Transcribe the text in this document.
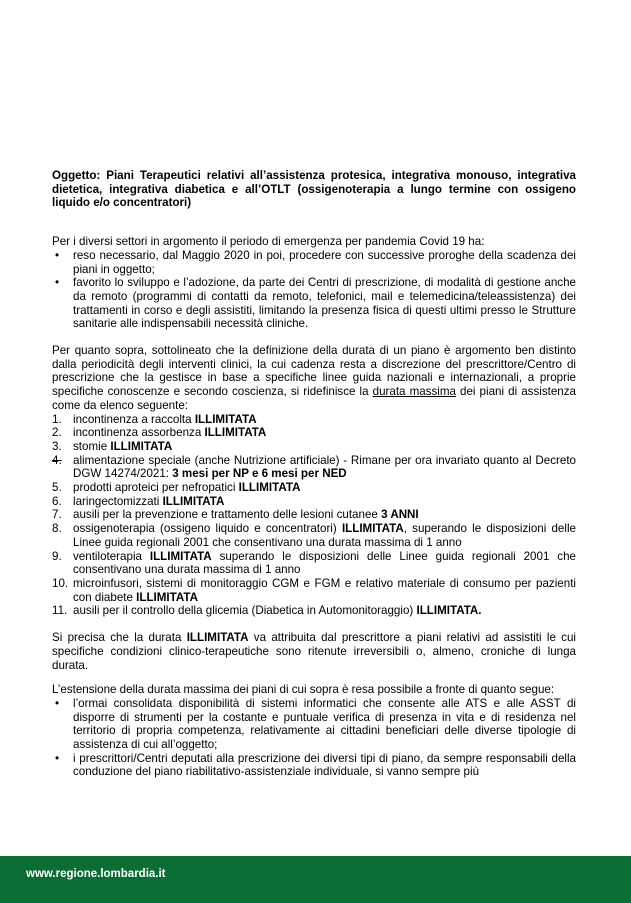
Oggetto: Piani Terapeutici relativi all’assistenza protesica, integrativa monouso, integrativa dietetica, integrativa diabetica e all’OTLT (ossigenoterapia a lungo termine con ossigeno liquido e/o concentratori)

Per i diversi settori in argomento il periodo di emergenza per pandemia Covid 19 ha:

• reso necessario, dal Maggio 2020 in poi, procedere con successive proroghe della scadenza dei piani in oggetto;
• favorito lo sviluppo e l’adozione, da parte dei Centri di prescrizione, di modalità di gestione anche da remoto (programmi di contatti da remoto, telefonici, mail e telemedicina/teleassistenza) dei trattamenti in corso e degli assistiti, limitando la presenza fisica di questi ultimi presso le Strutture sanitarie alle indispensabili necessità cliniche.

Per quanto sopra, sottolineato che la definizione della durata di un piano è argomento ben distinto dalla periodicità degli interventi clinici, la cui cadenza resta a discrezione del prescrittore/Centro di prescrizione che la gestisce in base a specifiche linee guida nazionali e internazionali, a proprie specifiche conoscenze e secondo coscienza, si ridefinisce la durata massima dei piani di assistenza come da elenco seguente:

1. incontinenza a raccolta ILLIMITATA
2. incontinenza assorbenza ILLIMITATA
3. stomie ILLIMITATA
4. alimentazione speciale (anche Nutrizione artificiale) - Rimane per ora invariato quanto al Decreto DGW 14274/2021: 3 mesi per NP e 6 mesi per NED
5. prodotti aproteici per nefropatici ILLIMITATA
6. laringectomizzati ILLIMITATA
7. ausili per la prevenzione e trattamento delle lesioni cutanee 3 ANNI
8. ossigenoterapia (ossigeno liquido e concentratori) ILLIMITATA, superando le disposizioni delle Linee guida regionali 2001 che consentivano una durata massima di 1 anno
9. ventiloterapia ILLIMITATA superando le disposizioni delle Linee guida regionali 2001 che consentivano una durata massima di 1 anno
10. microinfusori, sistemi di monitoraggio CGM e FGM e relativo materiale di consumo per pazienti con diabete ILLIMITATA
11. ausili per il controllo della glicemia (Diabetica in Automonitoraggio) ILLIMITATA.

Si precisa che la durata ILLIMITATA va attribuita dal prescrittore a piani relativi ad assistiti le cui specifiche condizioni clinico-terapeutiche sono ritenute irreversibili o, almeno, croniche di lunga durata.

L’estensione della durata massima dei piani di cui sopra è resa possibile a fronte di quanto segue:

• l’ormai consolidata disponibilità di sistemi informatici che consente alle ATS e alle ASST di disporre di strumenti per la costante e puntuale verifica di presenza in vita e di residenza nel territorio di propria competenza, relativamente ai cittadini beneficiari delle diverse tipologie di assistenza di cui all’oggetto;
• i prescrittori/Centri deputati alla prescrizione dei diversi tipi di piano, da sempre responsabili della conduzione del piano riabilitativo-assistenziale individuale, si vanno sempre più
www.regione.lombardia.it
